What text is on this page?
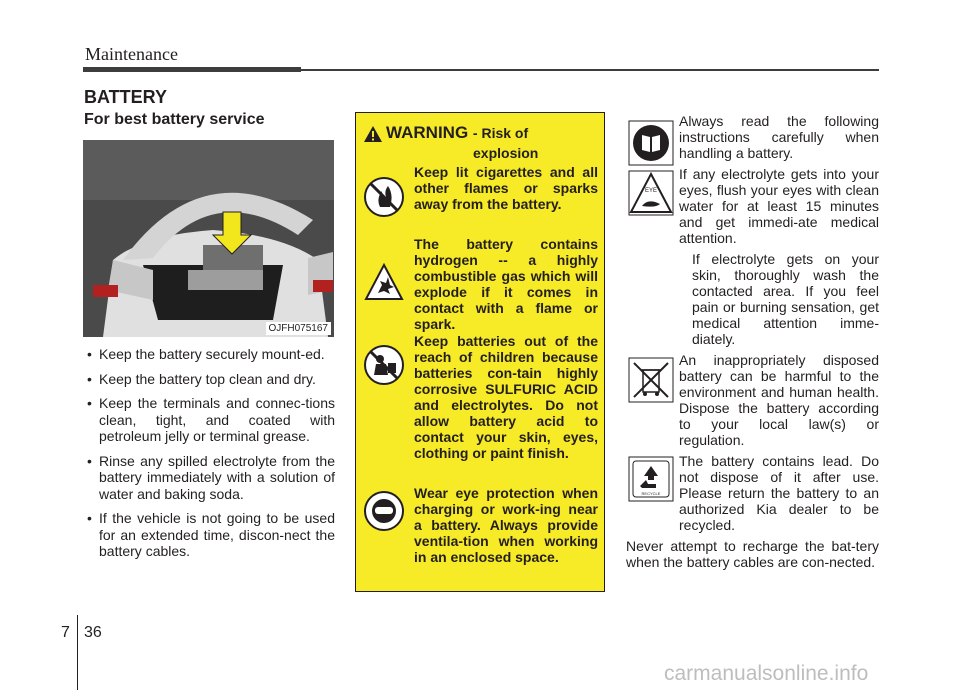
Maintenance
BATTERY
For best battery service
OJFH075167
• Keep the battery securely mount-ed.
• Keep the battery top clean and dry.
• Keep the terminals and connec-tions clean, tight, and coated with petroleum jelly or terminal grease.
• Rinse any spilled electrolyte from the battery immediately with a solution of water and baking soda.
• If the vehicle is not going to be used for an extended time, discon-nect the battery cables.
WARNING - Risk of
explosion
Keep lit cigarettes and all other flames or sparks away from the battery.
The battery contains hydrogen -- a highly combustible gas which will explode if it comes in contact with a flame or spark.
Keep batteries out of the reach of children because batteries con-tain highly corrosive SULFURIC ACID and electrolytes. Do not allow battery acid to contact your skin, eyes, clothing or paint finish.
Wear eye protection when charging or work-ing near a battery. Always provide ventila-tion when working in an enclosed space.
EYE
RECYCLE
Always read the following instructions carefully when handling a battery.
If any electrolyte gets into your eyes, flush your eyes with clean water for at least 15 minutes and get immedi-ate medical attention.
If electrolyte gets on your skin, thoroughly wash the contacted area. If you feel pain or burning sensation, get medical attention imme-diately.
An inappropriately disposed battery can be harmful to the environment and human health. Dispose the battery according to your local law(s) or regulation.
The battery contains lead. Do not dispose of it after use. Please return the battery to an authorized Kia dealer to be recycled.
Never attempt to recharge the bat-tery when the battery cables are con-nected.
7 36
carmanualsonline.info
